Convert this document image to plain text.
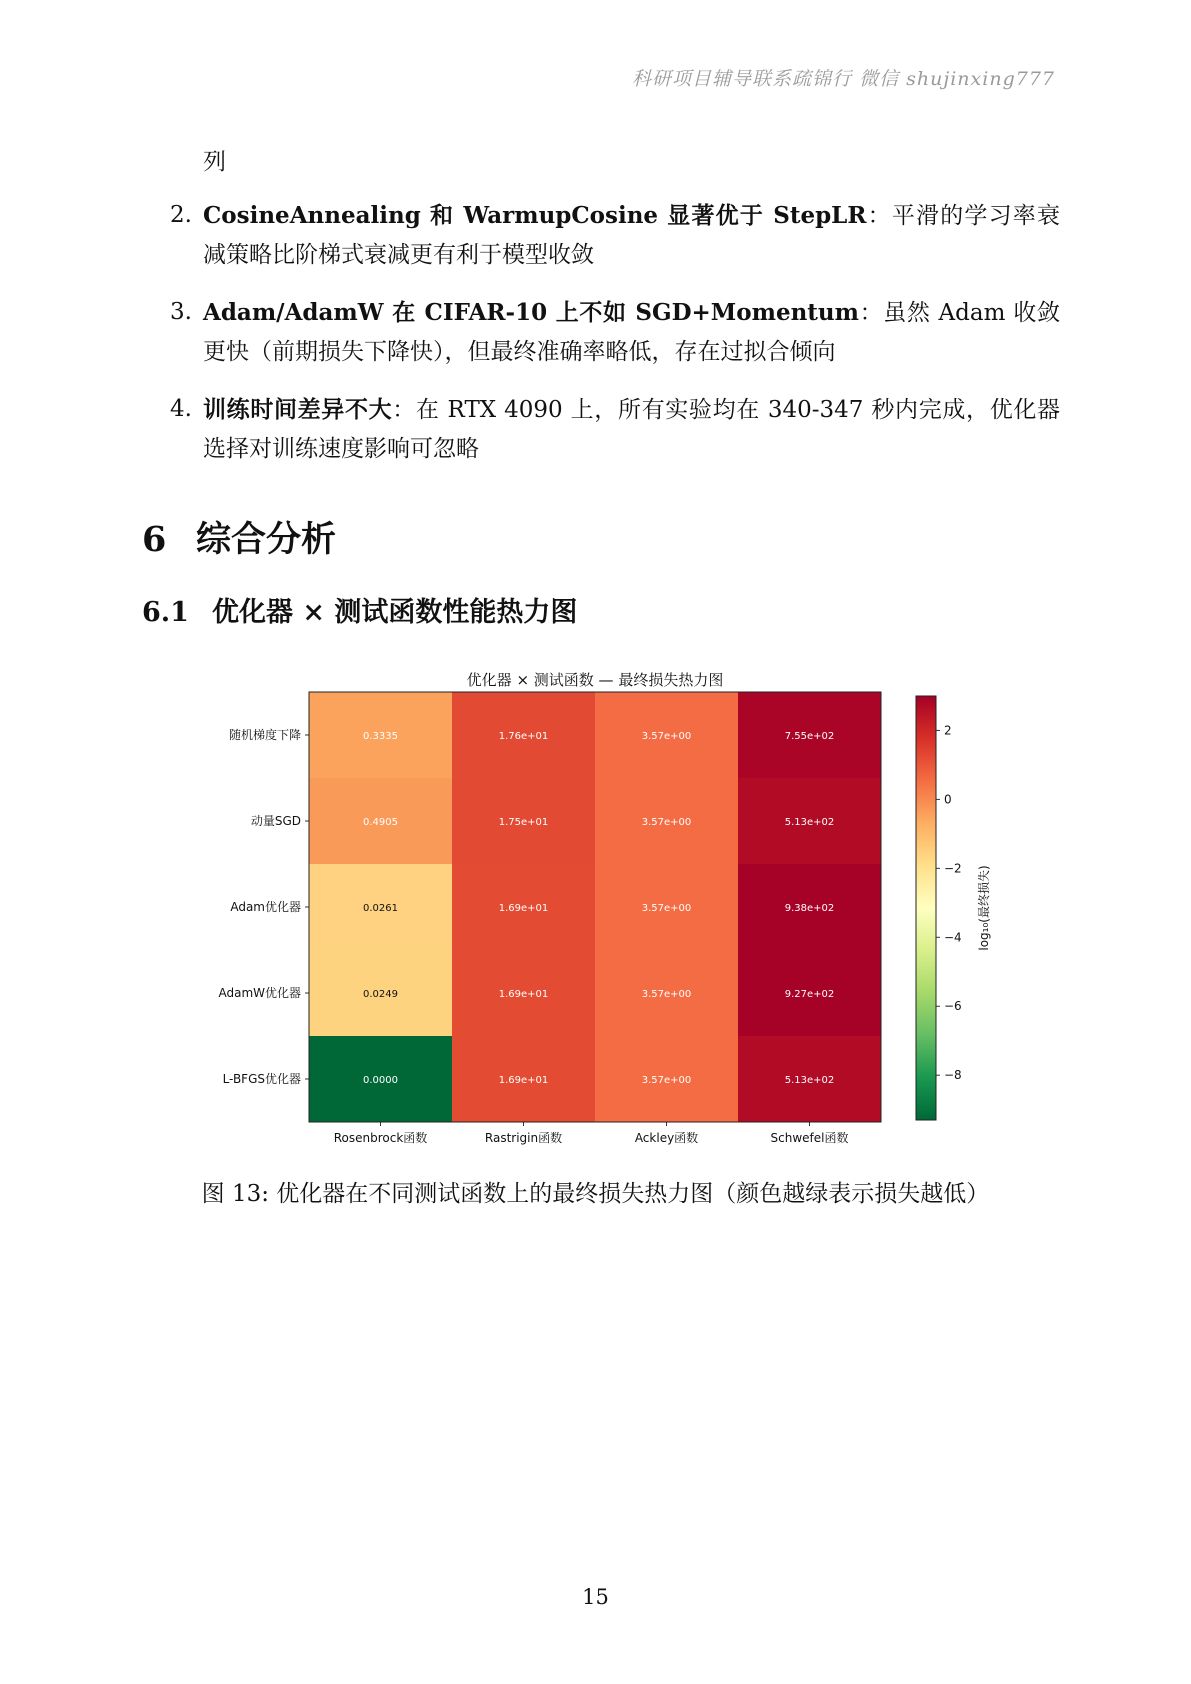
科研项目辅导联系疏锦行 微信 shujinxing777
列
2. CosineAnnealing 和 WarmupCosine 显著优于 StepLR：平滑的学习率衰减策略比阶梯式衰减更有利于模型收敛
3. Adam/AdamW 在 CIFAR-10 上不如 SGD+Momentum：虽然 Adam 收敛更快（前期损失下降快），但最终准确率略低，存在过拟合倾向
4. 训练时间差异不大：在 RTX 4090 上，所有实验均在 340-347 秒内完成，优化器选择对训练速度影响可忽略
6 综合分析
6.1 优化器 × 测试函数性能热力图
优化器 × 测试函数 — 最终损失热力图
0.3335	1.76e+01	3.57e+00	7.55e+02
随机梯度下降
0.4905	1.75e+01	3.57e+00	5.13e+02
动量SGD
0.0261	1.69e+01	3.57e+00	9.38e+02
Adam优化器
0.0249	1.69e+01	3.57e+00	9.27e+02
AdamW优化器
0.0000	1.69e+01	3.57e+00	5.13e+02
L-BFGS优化器
Rosenbrock函数	Rastrigin函数	Ackley函数	Schwefel函数
2
0
−2
−4
−6
−8
log₁₀(最终损失)
图 13: 优化器在不同测试函数上的最终损失热力图（颜色越绿表示损失越低）
15
